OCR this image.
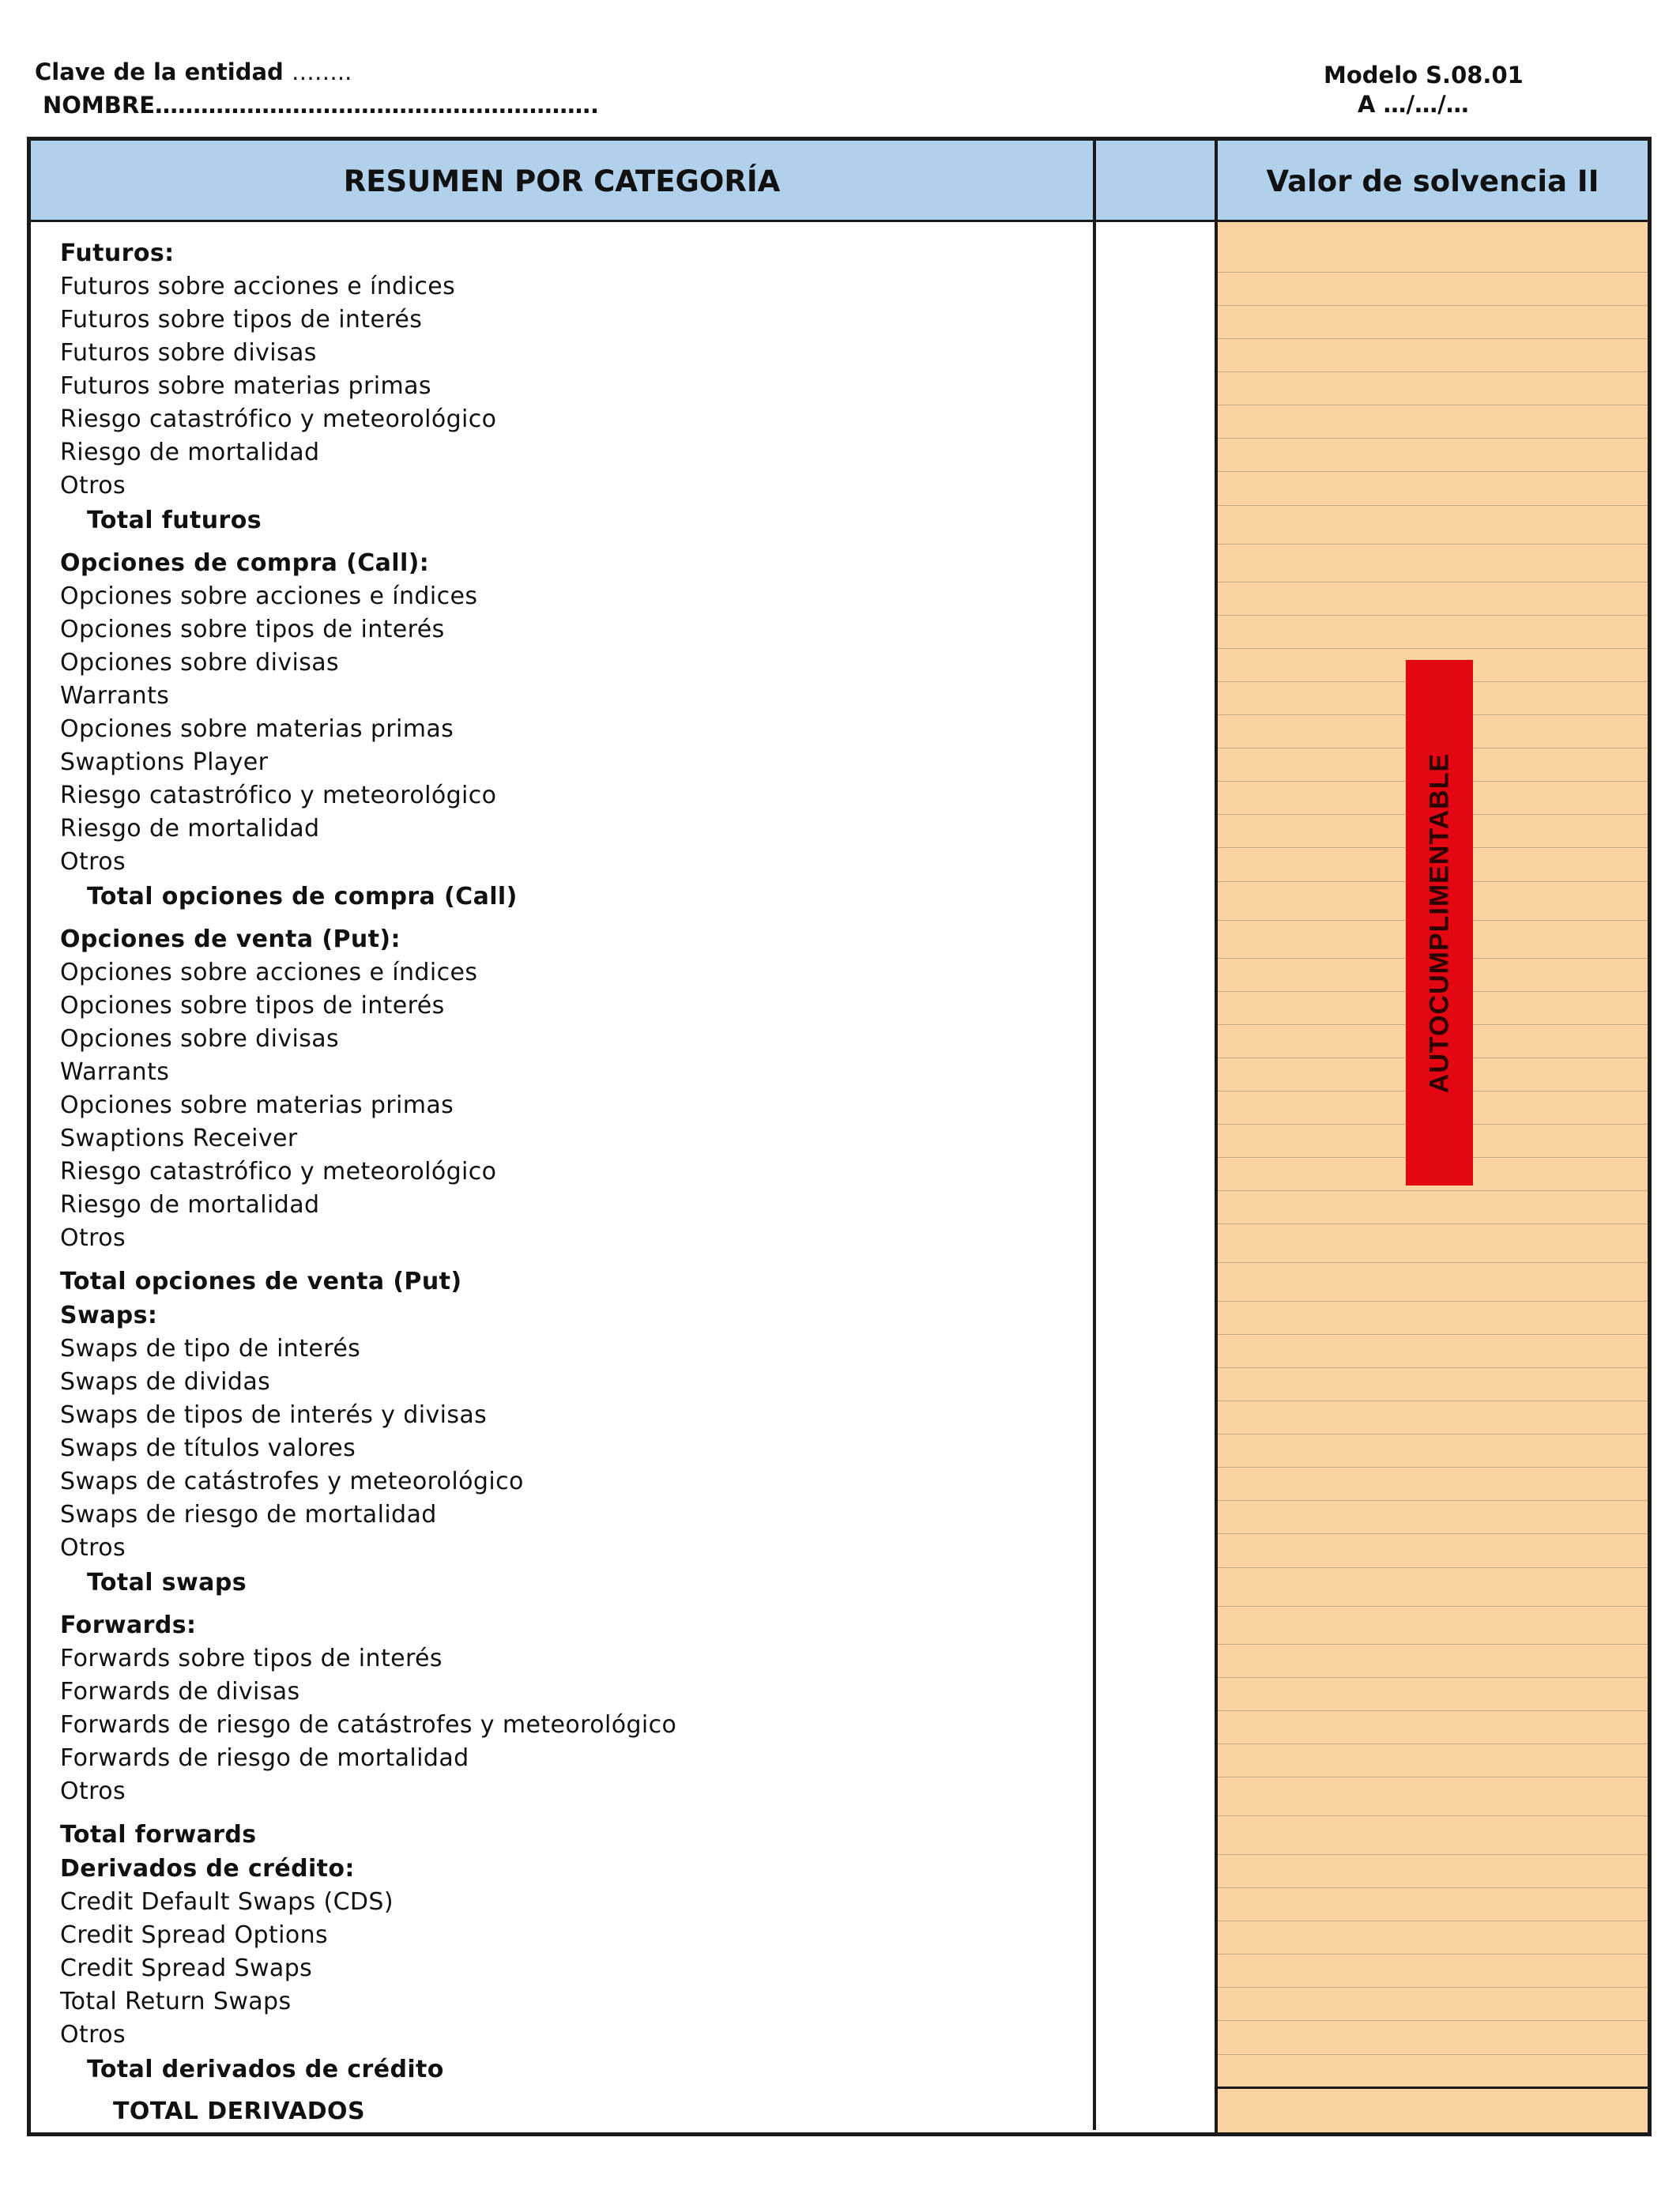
Clave de la entidad ……..
NOMBRE………………………………………………….
Modelo S.08.01
A …/…/…
RESUMEN POR CATEGORÍA	Valor de solvencia II
Futuros:
Futuros sobre acciones e índices
Futuros sobre tipos de interés
Futuros sobre divisas
Futuros sobre materias primas
Riesgo catastrófico y meteorológico
Riesgo de mortalidad
Otros
Total futuros
Opciones de compra (Call):
Opciones sobre acciones e índices
Opciones sobre tipos de interés
Opciones sobre divisas
Warrants
Opciones sobre materias primas
Swaptions Player
Riesgo catastrófico y meteorológico
Riesgo de mortalidad
Otros
Total opciones de compra (Call)
Opciones de venta (Put):
Opciones sobre acciones e índices
Opciones sobre tipos de interés
Opciones sobre divisas
Warrants
Opciones sobre materias primas
Swaptions Receiver
Riesgo catastrófico y meteorológico
Riesgo de mortalidad
Otros
Total opciones de venta (Put)
Swaps:
Swaps de tipo de interés
Swaps de dividas
Swaps de tipos de interés y divisas
Swaps de títulos valores
Swaps de catástrofes y meteorológico
Swaps de riesgo de mortalidad
Otros
Total swaps
Forwards:
Forwards sobre tipos de interés
Forwards de divisas
Forwards de riesgo de catástrofes y meteorológico
Forwards de riesgo de mortalidad
Otros
Total forwards
Derivados de crédito:
Credit Default Swaps (CDS)
Credit Spread Options
Credit Spread Swaps
Total Return Swaps
Otros
Total derivados de crédito
TOTAL DERIVADOS
AUTOCUMPLIMENTABLE
